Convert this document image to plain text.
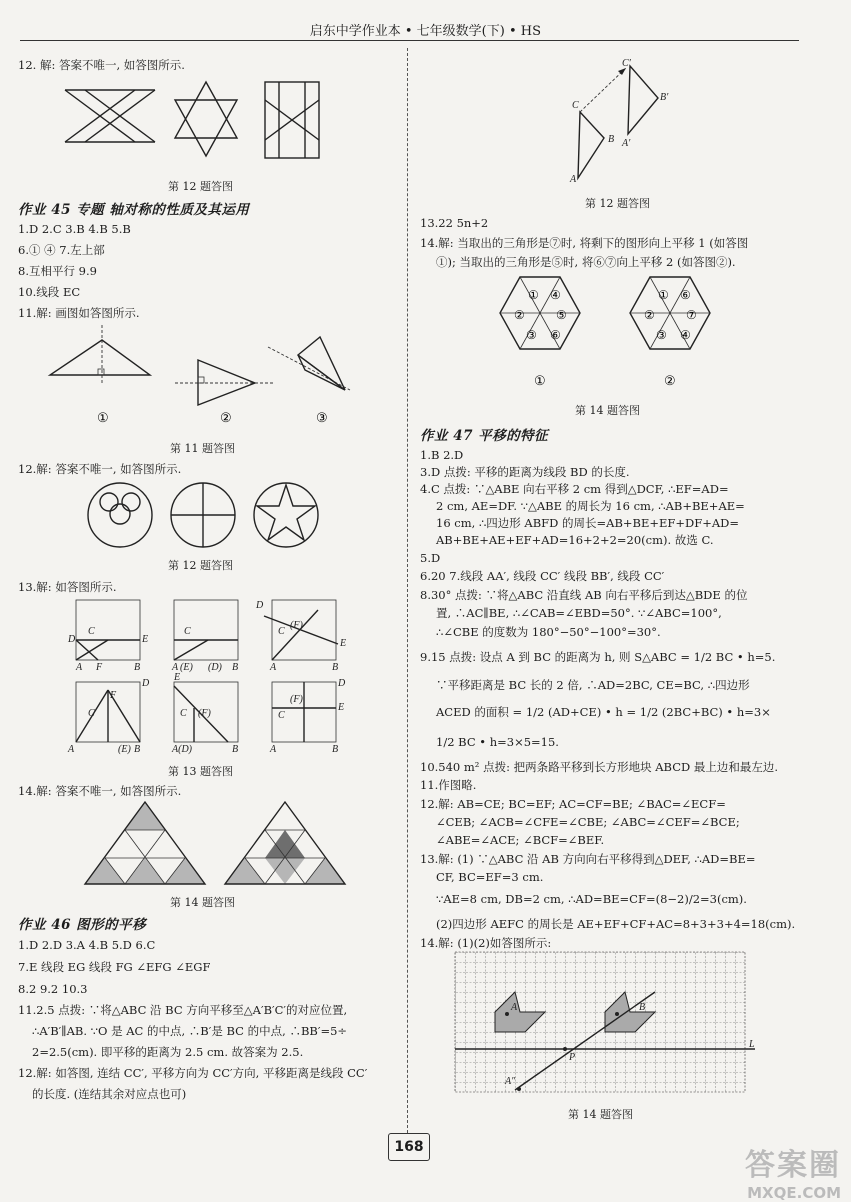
启东中学作业本 • 七年级数学(下) • HS
12. 解: 答案不唯一, 如答图所示.
第 12 题答图
作业 45 专题 轴对称的性质及其运用
1.D 2.C 3.B 4.B 5.B
6.① ④ 7.左上部
8.互相平行 9.9
10.线段 EC
11.解: 画图如答图所示.
①	②	③
第 11 题答图
12.解: 答案不唯一, 如答图所示.
第 12 题答图
13.解: 如答图所示.
D	E
C
A F	B
C
A (E) (D) B
D
(F)
C
E
A	B
D
F
C
A	(E) B
E
(F)
C
A(D)	B
D
(F)
C
E
A	B
第 13 题答图
14.解: 答案不唯一, 如答图所示.
第 14 题答图
作业 46 图形的平移
1.D 2.D 3.A 4.B 5.D 6.C
7.E 线段 EG 线段 FG ∠EFG ∠EGF
8.2 9.2 10.3
11.2.5 点拨: ∵将△ABC 沿 BC 方向平移至△A′B′C′的对应位置,
∴A′B′∥AB. ∵O 是 AC 的中点, ∴B′是 BC 的中点, ∴BB′=5÷
2=2.5(cm). 即平移的距离为 2.5 cm. 故答案为 2.5.
12.解: 如答图, 连结 CC′, 平移方向为 CC′方向, 平移距离是线段 CC′
的长度. (连结其余对应点也可)
C′
B′
A′
C
B
A
第 12 题答图
13.22 5n+2
14.解: 当取出的三角形是⑦时, 将剩下的图形向上平移 1 (如答图
①); 当取出的三角形是⑤时, 将⑥⑦向上平移 2 (如答图②).
① ④
②	⑤
③ ⑥
①
① ⑥
②	⑦
③ ④
②
第 14 题答图
作业 47 平移的特征
1.B 2.D
3.D 点拨: 平移的距离为线段 BD 的长度.
4.C 点拨: ∵△ABE 向右平移 2 cm 得到△DCF, ∴EF=AD=
2 cm, AE=DF. ∵△ABE 的周长为 16 cm, ∴AB+BE+AE=
16 cm, ∴四边形 ABFD 的周长=AB+BE+EF+DF+AD=
AB+BE+AE+EF+AD=16+2+2=20(cm). 故选 C.
5.D
6.20 7.线段 AA′, 线段 CC′ 线段 BB′, 线段 CC′
8.30° 点拨: ∵将△ABC 沿直线 AB 向右平移后到达△BDE 的位
置, ∴AC∥BE, ∴∠CAB=∠EBD=50°. ∵∠ABC=100°,
∴∠CBE 的度数为 180°−50°−100°=30°.
9.15 点拨: 设点 A 到 BC 的距离为 h, 则 S△ABC = 1/2 BC • h=5.
∵平移距离是 BC 长的 2 倍, ∴AD=2BC, CE=BC, ∴四边形
ACED 的面积 = 1/2 (AD+CE) • h = 1/2 (2BC+BC) • h=3×
1/2 BC • h=3×5=15.
10.540 m² 点拨: 把两条路平移到长方形地块 ABCD 最上边和最左边.
11.作图略.
12.解: AB=CE; BC=EF; AC=CF=BE; ∠BAC=∠ECF=
∠CEB; ∠ACB=∠CFE=∠CBE; ∠ABC=∠CEF=∠BCE;
∠ABE=∠ACE; ∠BCF=∠BEF.
13.解: (1) ∵△ABC 沿 AB 方向向右平移得到△DEF, ∴AD=BE=
CF, BC=EF=3 cm.
∵AE=8 cm, DB=2 cm, ∴AD=BE=CF=(8−2)/2=3(cm).
(2)四边形 AEFC 的周长是 AE+EF+CF+AC=8+3+3+4=18(cm).
14.解: (1)(2)如答图所示:
A	B
P
L
A″
第 14 题答图
168
答案圈
MXQE.COM
